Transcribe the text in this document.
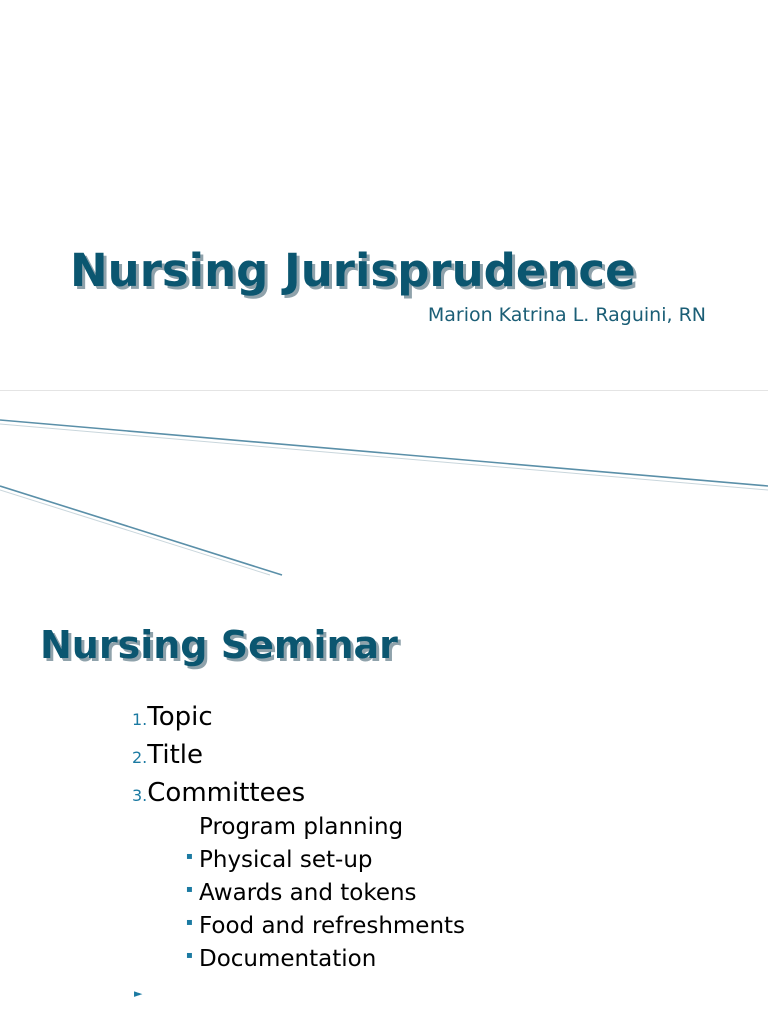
Nursing Jurisprudence
Marion Katrina L. Raguini, RN
Nursing Seminar
1.Topic
2.Title
3.Committees
Program planning
▪ Physical set-up
▪ Awards and tokens
▪ Food and refreshments
▪ Documentation
►
